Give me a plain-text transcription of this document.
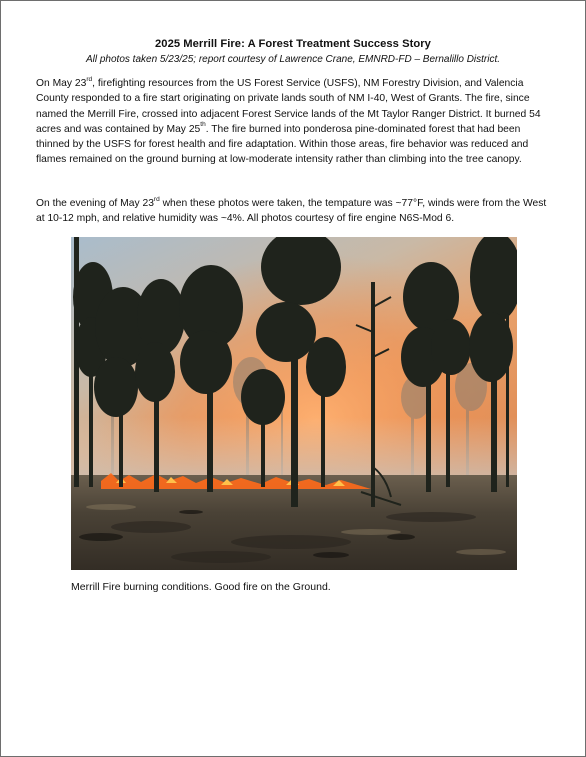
2025 Merrill Fire: A Forest Treatment Success Story
All photos taken 5/23/25; report courtesy of Lawrence Crane, EMNRD-FD – Bernalillo District.

On May 23rd, firefighting resources from the US Forest Service (USFS), NM Forestry Division, and Valencia County responded to a fire start originating on private lands south of NM I-40, West of Grants. The fire, since named the Merrill Fire, crossed into adjacent Forest Service lands of the Mt Taylor Ranger District. It burned 54 acres and was contained by May 25th. The fire burned into ponderosa pine-dominated forest that had been thinned by the USFS for forest health and fire adaptation. Within those areas, fire behavior was reduced and flames remained on the ground burning at low-moderate intensity rather than climbing into the tree canopy.

On the evening of May 23rd when these photos were taken, the tempature was ~77°F, winds were from the West at 10-12 mph, and relative humidity was ~4%. All photos courtesy of fire engine N6S-Mod 6.

Merrill Fire burning conditions. Good fire on the Ground.
